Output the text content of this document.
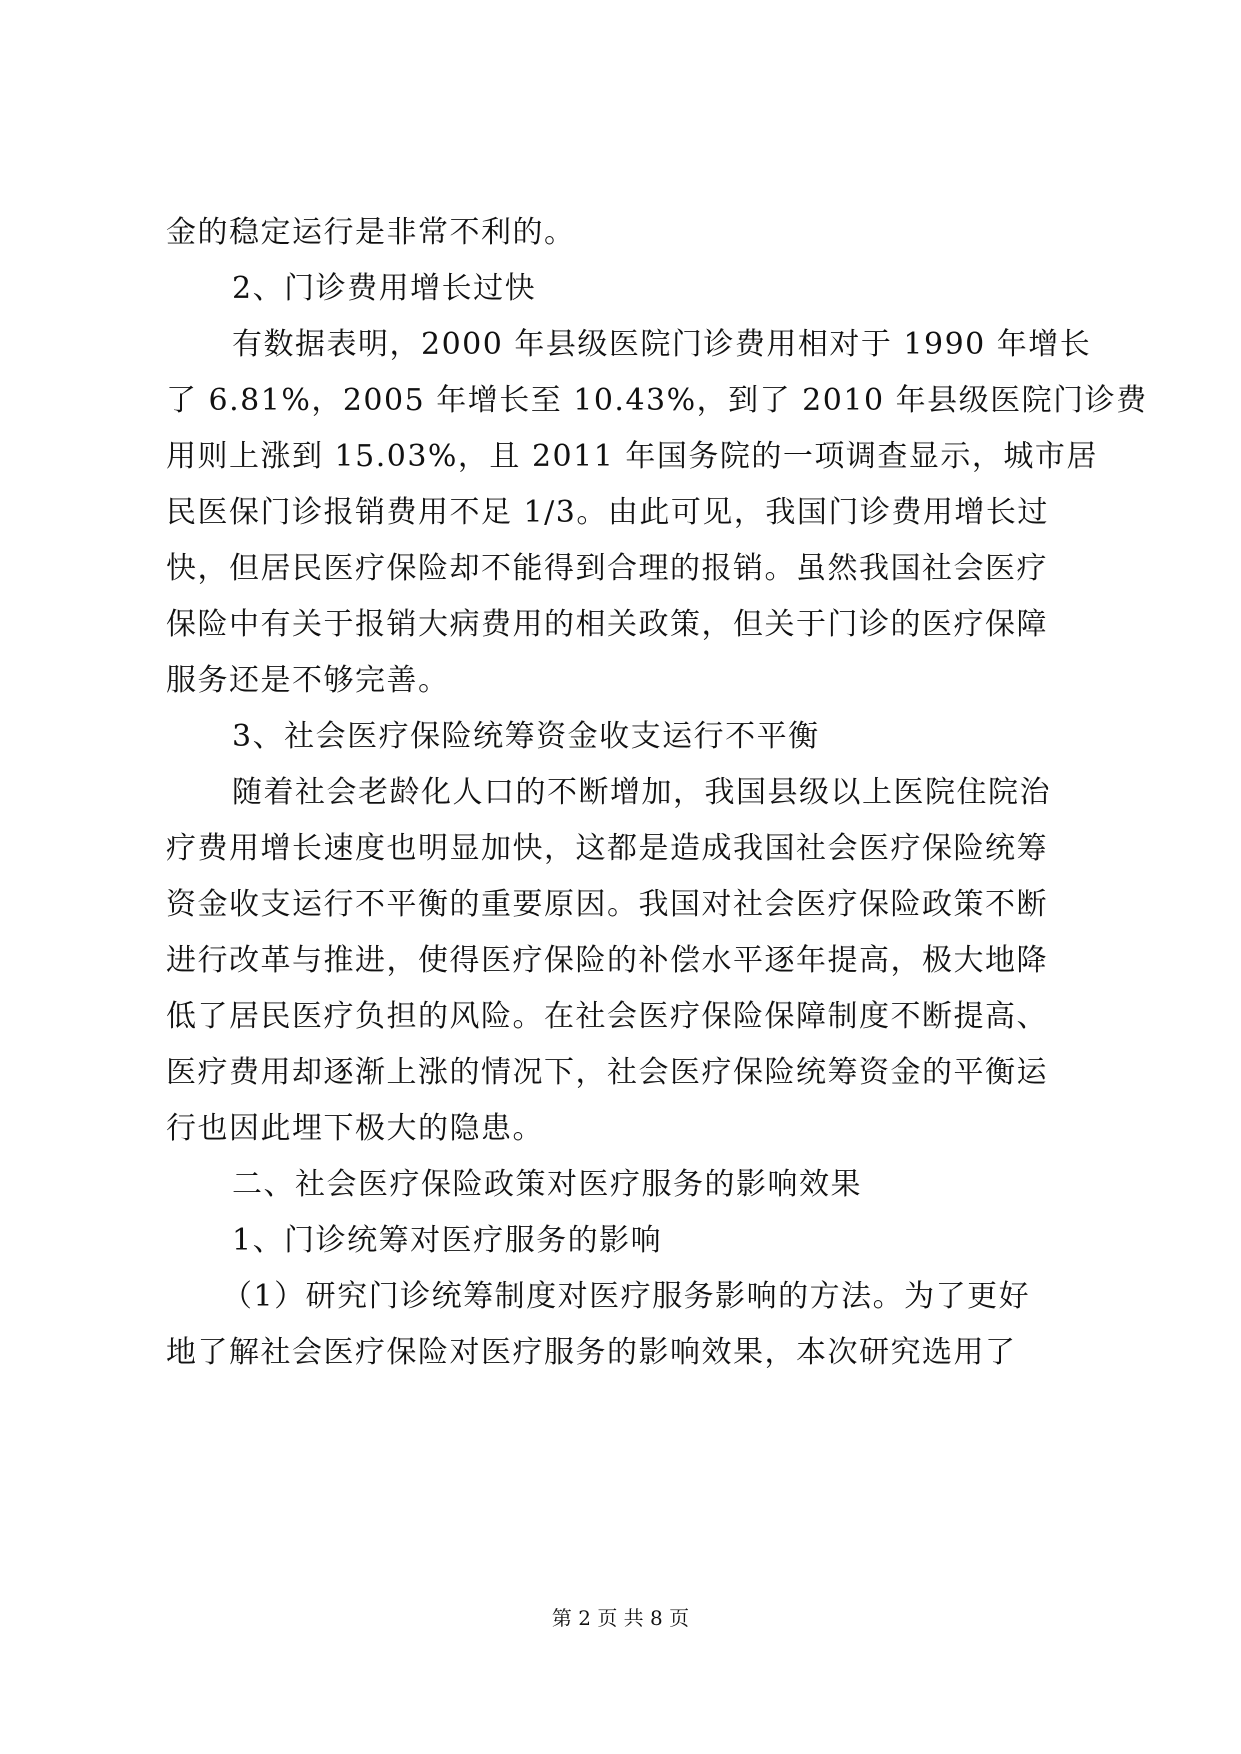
金的稳定运行是非常不利的。
2、门诊费用增长过快
有数据表明，2000 年县级医院门诊费用相对于 1990 年增长
了 6.81%，2005 年增长至 10.43%，到了 2010 年县级医院门诊费
用则上涨到 15.03%，且 2011 年国务院的一项调查显示，城市居
民医保门诊报销费用不足 1/3。由此可见，我国门诊费用增长过
快，但居民医疗保险却不能得到合理的报销。虽然我国社会医疗
保险中有关于报销大病费用的相关政策，但关于门诊的医疗保障
服务还是不够完善。
3、社会医疗保险统筹资金收支运行不平衡
随着社会老龄化人口的不断增加，我国县级以上医院住院治
疗费用增长速度也明显加快，这都是造成我国社会医疗保险统筹
资金收支运行不平衡的重要原因。我国对社会医疗保险政策不断
进行改革与推进，使得医疗保险的补偿水平逐年提高，极大地降
低了居民医疗负担的风险。在社会医疗保险保障制度不断提高、
医疗费用却逐渐上涨的情况下，社会医疗保险统筹资金的平衡运
行也因此埋下极大的隐患。
二、社会医疗保险政策对医疗服务的影响效果
1、门诊统筹对医疗服务的影响
（1）研究门诊统筹制度对医疗服务影响的方法。为了更好
地了解社会医疗保险对医疗服务的影响效果，本次研究选用了
第 2 页 共 8 页
